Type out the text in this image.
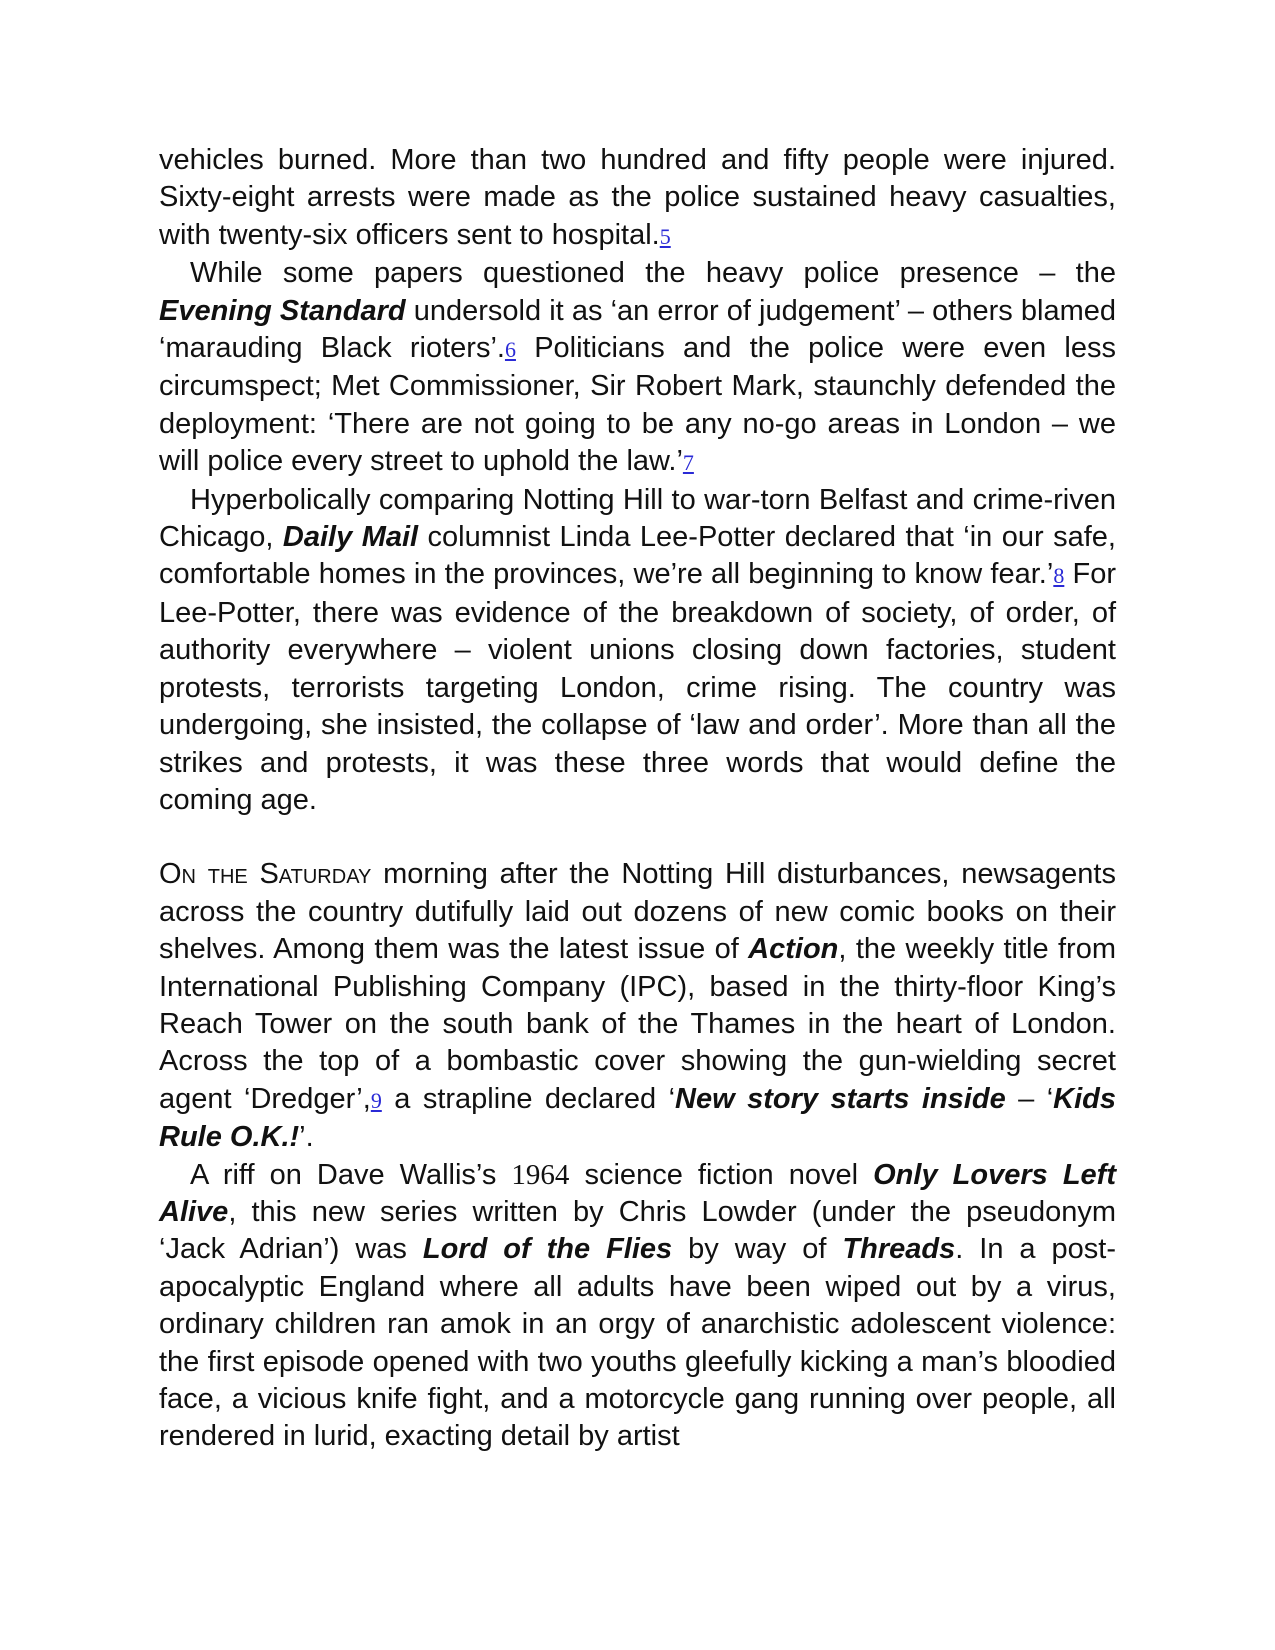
vehicles burned. More than two hundred and fifty people were injured. Sixty-eight arrests were made as the police sustained heavy casualties, with twenty-six officers sent to hospital.5

While some papers questioned the heavy police presence – the Evening Standard undersold it as ‘an error of judgement’ – others blamed ‘marauding Black rioters’.6 Politicians and the police were even less circumspect; Met Commissioner, Sir Robert Mark, staunchly defended the deployment: ‘There are not going to be any no-go areas in London – we will police every street to uphold the law.’7

Hyperbolically comparing Notting Hill to war-torn Belfast and crime-riven Chicago, Daily Mail columnist Linda Lee-Potter declared that ‘in our safe, comfortable homes in the provinces, we’re all beginning to know fear.’8 For Lee-Potter, there was evidence of the breakdown of society, of order, of authority everywhere – violent unions closing down factories, student protests, terrorists targeting London, crime rising. The country was undergoing, she insisted, the collapse of ‘law and order’. More than all the strikes and protests, it was these three words that would define the coming age.

On the Saturday morning after the Notting Hill disturbances, newsagents across the country dutifully laid out dozens of new comic books on their shelves. Among them was the latest issue of Action, the weekly title from International Publishing Company (IPC), based in the thirty-floor King’s Reach Tower on the south bank of the Thames in the heart of London. Across the top of a bombastic cover showing the gun-wielding secret agent ‘Dredger’,9 a strapline declared ‘New story starts inside – ‘Kids Rule O.K.!’.

A riff on Dave Wallis’s 1964 science fiction novel Only Lovers Left Alive, this new series written by Chris Lowder (under the pseudonym ‘Jack Adrian’) was Lord of the Flies by way of Threads. In a post-apocalyptic England where all adults have been wiped out by a virus, ordinary children ran amok in an orgy of anarchistic adolescent violence: the first episode opened with two youths gleefully kicking a man’s bloodied face, a vicious knife fight, and a motorcycle gang running over people, all rendered in lurid, exacting detail by artist
